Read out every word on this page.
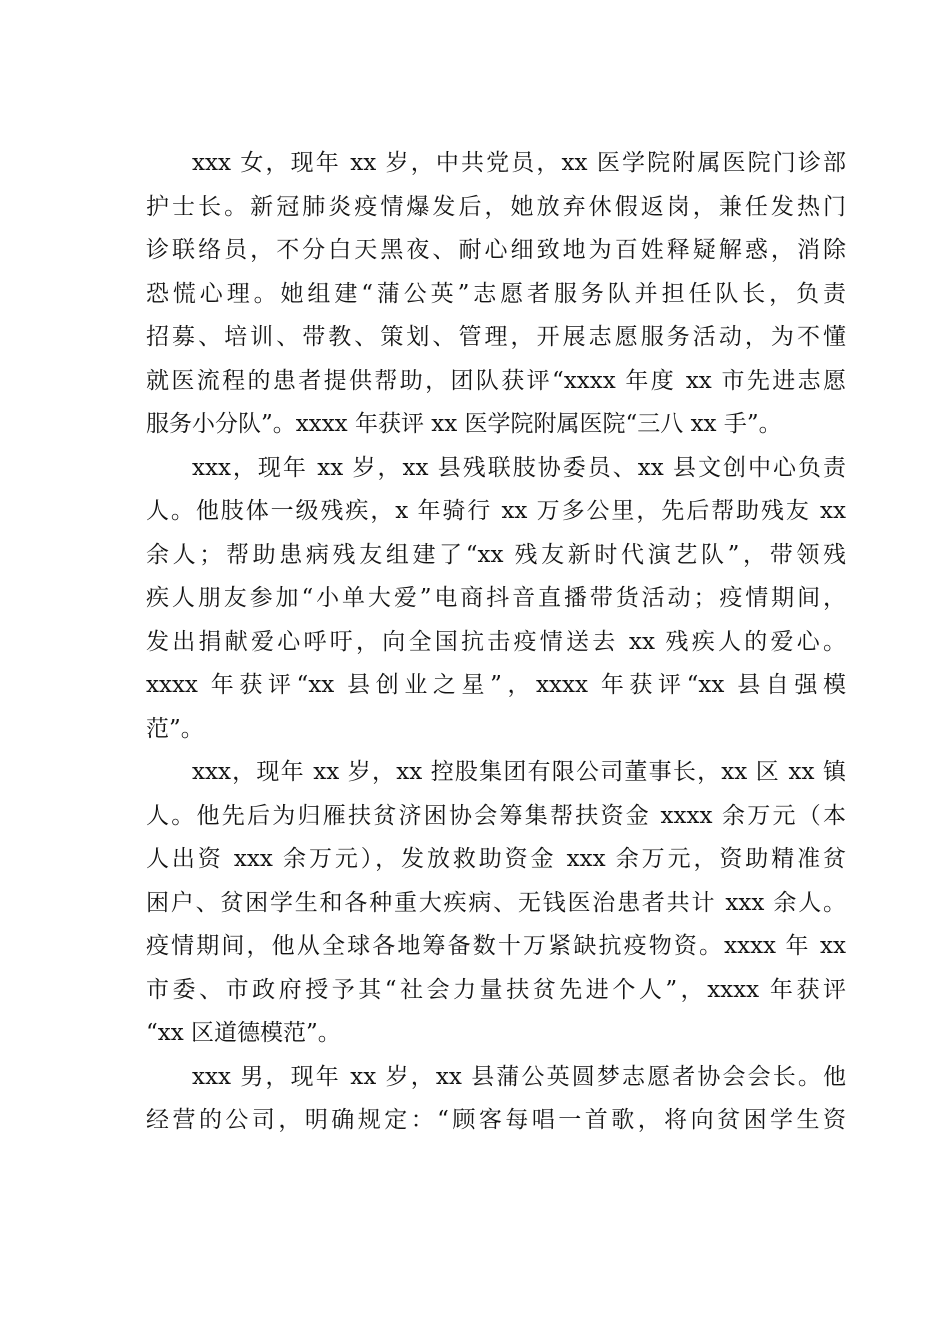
xxx 女，现年 xx 岁，中共党员，xx 医学院附属医院门诊部
护士长。新冠肺炎疫情爆发后，她放弃休假返岗，兼任发热门
诊联络员，不分白天黑夜、耐心细致地为百姓释疑解惑，消除
恐慌心理。她组建“蒲公英”志愿者服务队并担任队长，负责
招募、培训、带教、策划、管理，开展志愿服务活动，为不懂
就医流程的患者提供帮助，团队获评“xxxx 年度 xx 市先进志愿
服务小分队”。xxxx 年获评 xx 医学院附属医院“三八 xx 手”。

xxx，现年 xx 岁，xx 县残联肢协委员、xx 县文创中心负责
人。他肢体一级残疾，x 年骑行 xx 万多公里，先后帮助残友 xx
余人；帮助患病残友组建了“xx 残友新时代演艺队”，带领残
疾人朋友参加“小单大爱”电商抖音直播带货活动；疫情期间，
发出捐献爱心呼吁，向全国抗击疫情送去 xx 残疾人的爱心。
xxxx 年获评“xx 县创业之星”，xxxx 年获评“xx 县自强模
范”。

xxx，现年 xx 岁，xx 控股集团有限公司董事长，xx 区 xx 镇
人。他先后为归雁扶贫济困协会筹集帮扶资金 xxxx 余万元（本
人出资 xxx 余万元），发放救助资金 xxx 余万元，资助精准贫
困户、贫困学生和各种重大疾病、无钱医治患者共计 xxx 余人。
疫情期间，他从全球各地筹备数十万紧缺抗疫物资。xxxx 年 xx
市委、市政府授予其“社会力量扶贫先进个人”，xxxx 年获评
“xx 区道德模范”。

xxx 男，现年 xx 岁，xx 县蒲公英圆梦志愿者协会会长。他
经营的公司，明确规定：“顾客每唱一首歌，将向贫困学生资
